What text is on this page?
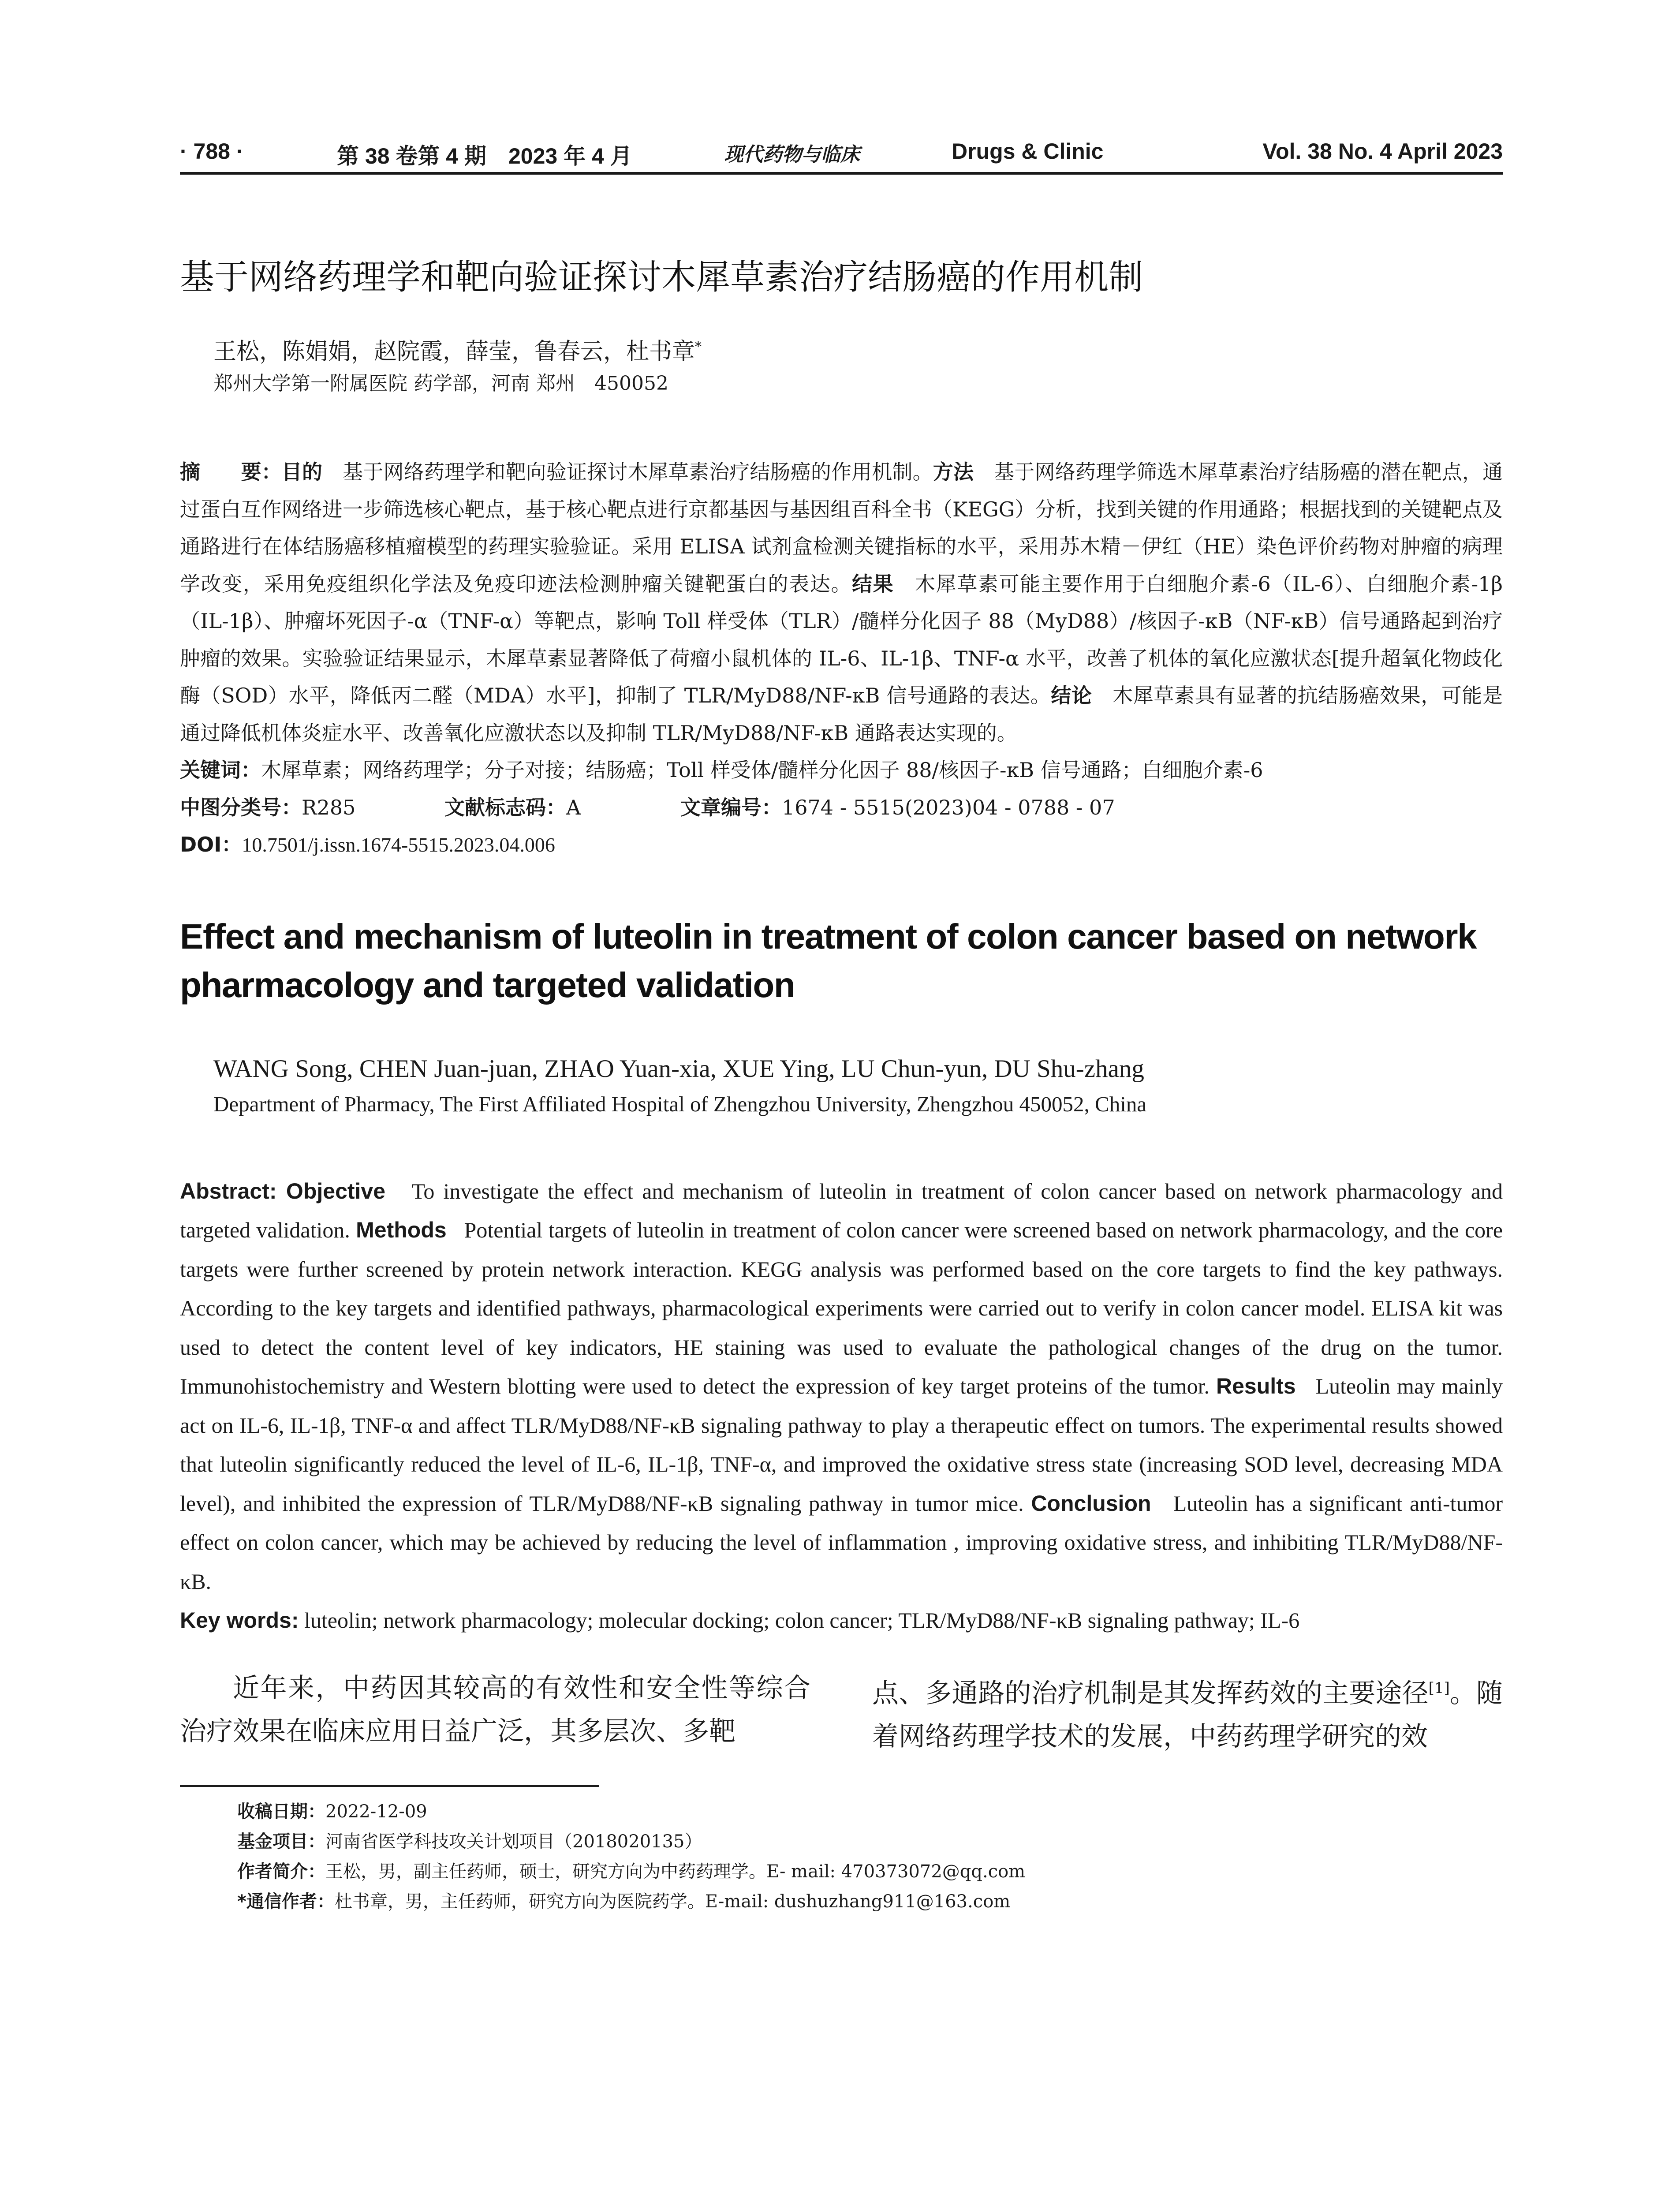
· 788 ·	第 38 卷第 4 期　2023 年 4 月	现代药物与临床	Drugs & Clinic	Vol. 38 No. 4 April 2023
基于网络药理学和靶向验证探讨木犀草素治疗结肠癌的作用机制
王松，陈娟娟，赵院霞，薛莹，鲁春云，杜书章*
郑州大学第一附属医院 药学部，河南 郑州　450052
摘　　要：目的 基于网络药理学和靶向验证探讨木犀草素治疗结肠癌的作用机制。方法 基于网络药理学筛选木犀草素治疗结肠癌的潜在靶点，通过蛋白互作网络进一步筛选核心靶点，基于核心靶点进行京都基因与基因组百科全书（KEGG）分析，找到关键的作用通路；根据找到的关键靶点及通路进行在体结肠癌移植瘤模型的药理实验验证。采用 ELISA 试剂盒检测关键指标的水平，采用苏木精－伊红（HE）染色评价药物对肿瘤的病理学改变，采用免疫组织化学法及免疫印迹法检测肿瘤关键靶蛋白的表达。结果 木犀草素可能主要作用于白细胞介素-6（IL-6）、白细胞介素-1β（IL-1β）、肿瘤坏死因子-α（TNF-α）等靶点，影响 Toll 样受体（TLR）/髓样分化因子 88（MyD88）/核因子-κB（NF-κB）信号通路起到治疗肿瘤的效果。实验验证结果显示，木犀草素显著降低了荷瘤小鼠机体的 IL-6、IL-1β、TNF-α 水平，改善了机体的氧化应激状态[提升超氧化物歧化酶（SOD）水平，降低丙二醛（MDA）水平]，抑制了 TLR/MyD88/NF-κB 信号通路的表达。结论 木犀草素具有显著的抗结肠癌效果，可能是通过降低机体炎症水平、改善氧化应激状态以及抑制 TLR/MyD88/NF-κB 通路表达实现的。
关键词：木犀草素；网络药理学；分子对接；结肠癌；Toll 样受体/髓样分化因子 88/核因子-κB 信号通路；白细胞介素-6
中图分类号：R285	文献标志码：A	文章编号：1674 - 5515(2023)04 - 0788 - 07
DOI：10.7501/j.issn.1674-5515.2023.04.006
Effect and mechanism of luteolin in treatment of colon cancer based on network pharmacology and targeted validation
WANG Song, CHEN Juan-juan, ZHAO Yuan-xia, XUE Ying, LU Chun-yun, DU Shu-zhang
Department of Pharmacy, The First Affiliated Hospital of Zhengzhou University, Zhengzhou 450052, China
Abstract: Objective To investigate the effect and mechanism of luteolin in treatment of colon cancer based on network pharmacology and targeted validation. Methods Potential targets of luteolin in treatment of colon cancer were screened based on network pharmacology, and the core targets were further screened by protein network interaction. KEGG analysis was performed based on the core targets to find the key pathways. According to the key targets and identified pathways, pharmacological experiments were carried out to verify in colon cancer model. ELISA kit was used to detect the content level of key indicators, HE staining was used to evaluate the pathological changes of the drug on the tumor. Immunohistochemistry and Western blotting were used to detect the expression of key target proteins of the tumor. Results Luteolin may mainly act on IL-6, IL-1β, TNF-α and affect TLR/MyD88/NF-κB signaling pathway to play a therapeutic effect on tumors. The experimental results showed that luteolin significantly reduced the level of IL-6, IL-1β, TNF-α, and improved the oxidative stress state (increasing SOD level, decreasing MDA level), and inhibited the expression of TLR/MyD88/NF-κB signaling pathway in tumor mice. Conclusion Luteolin has a significant anti-tumor effect on colon cancer, which may be achieved by reducing the level of inflammation , improving oxidative stress, and inhibiting TLR/MyD88/NF-κB.
Key words: luteolin; network pharmacology; molecular docking; colon cancer; TLR/MyD88/NF-κB signaling pathway; IL-6

近年来，中药因其较高的有效性和安全性等综合治疗效果在临床应用日益广泛，其多层次、多靶

点、多通路的治疗机制是其发挥药效的主要途径[1]。随着网络药理学技术的发展，中药药理学研究的效

收稿日期：2022-12-09
基金项目：河南省医学科技攻关计划项目（2018020135）
作者简介：王松，男，副主任药师，硕士，研究方向为中药药理学。E- mail: 470373072@qq.com
*通信作者：杜书章，男，主任药师，研究方向为医院药学。E-mail: dushuzhang911@163.com
